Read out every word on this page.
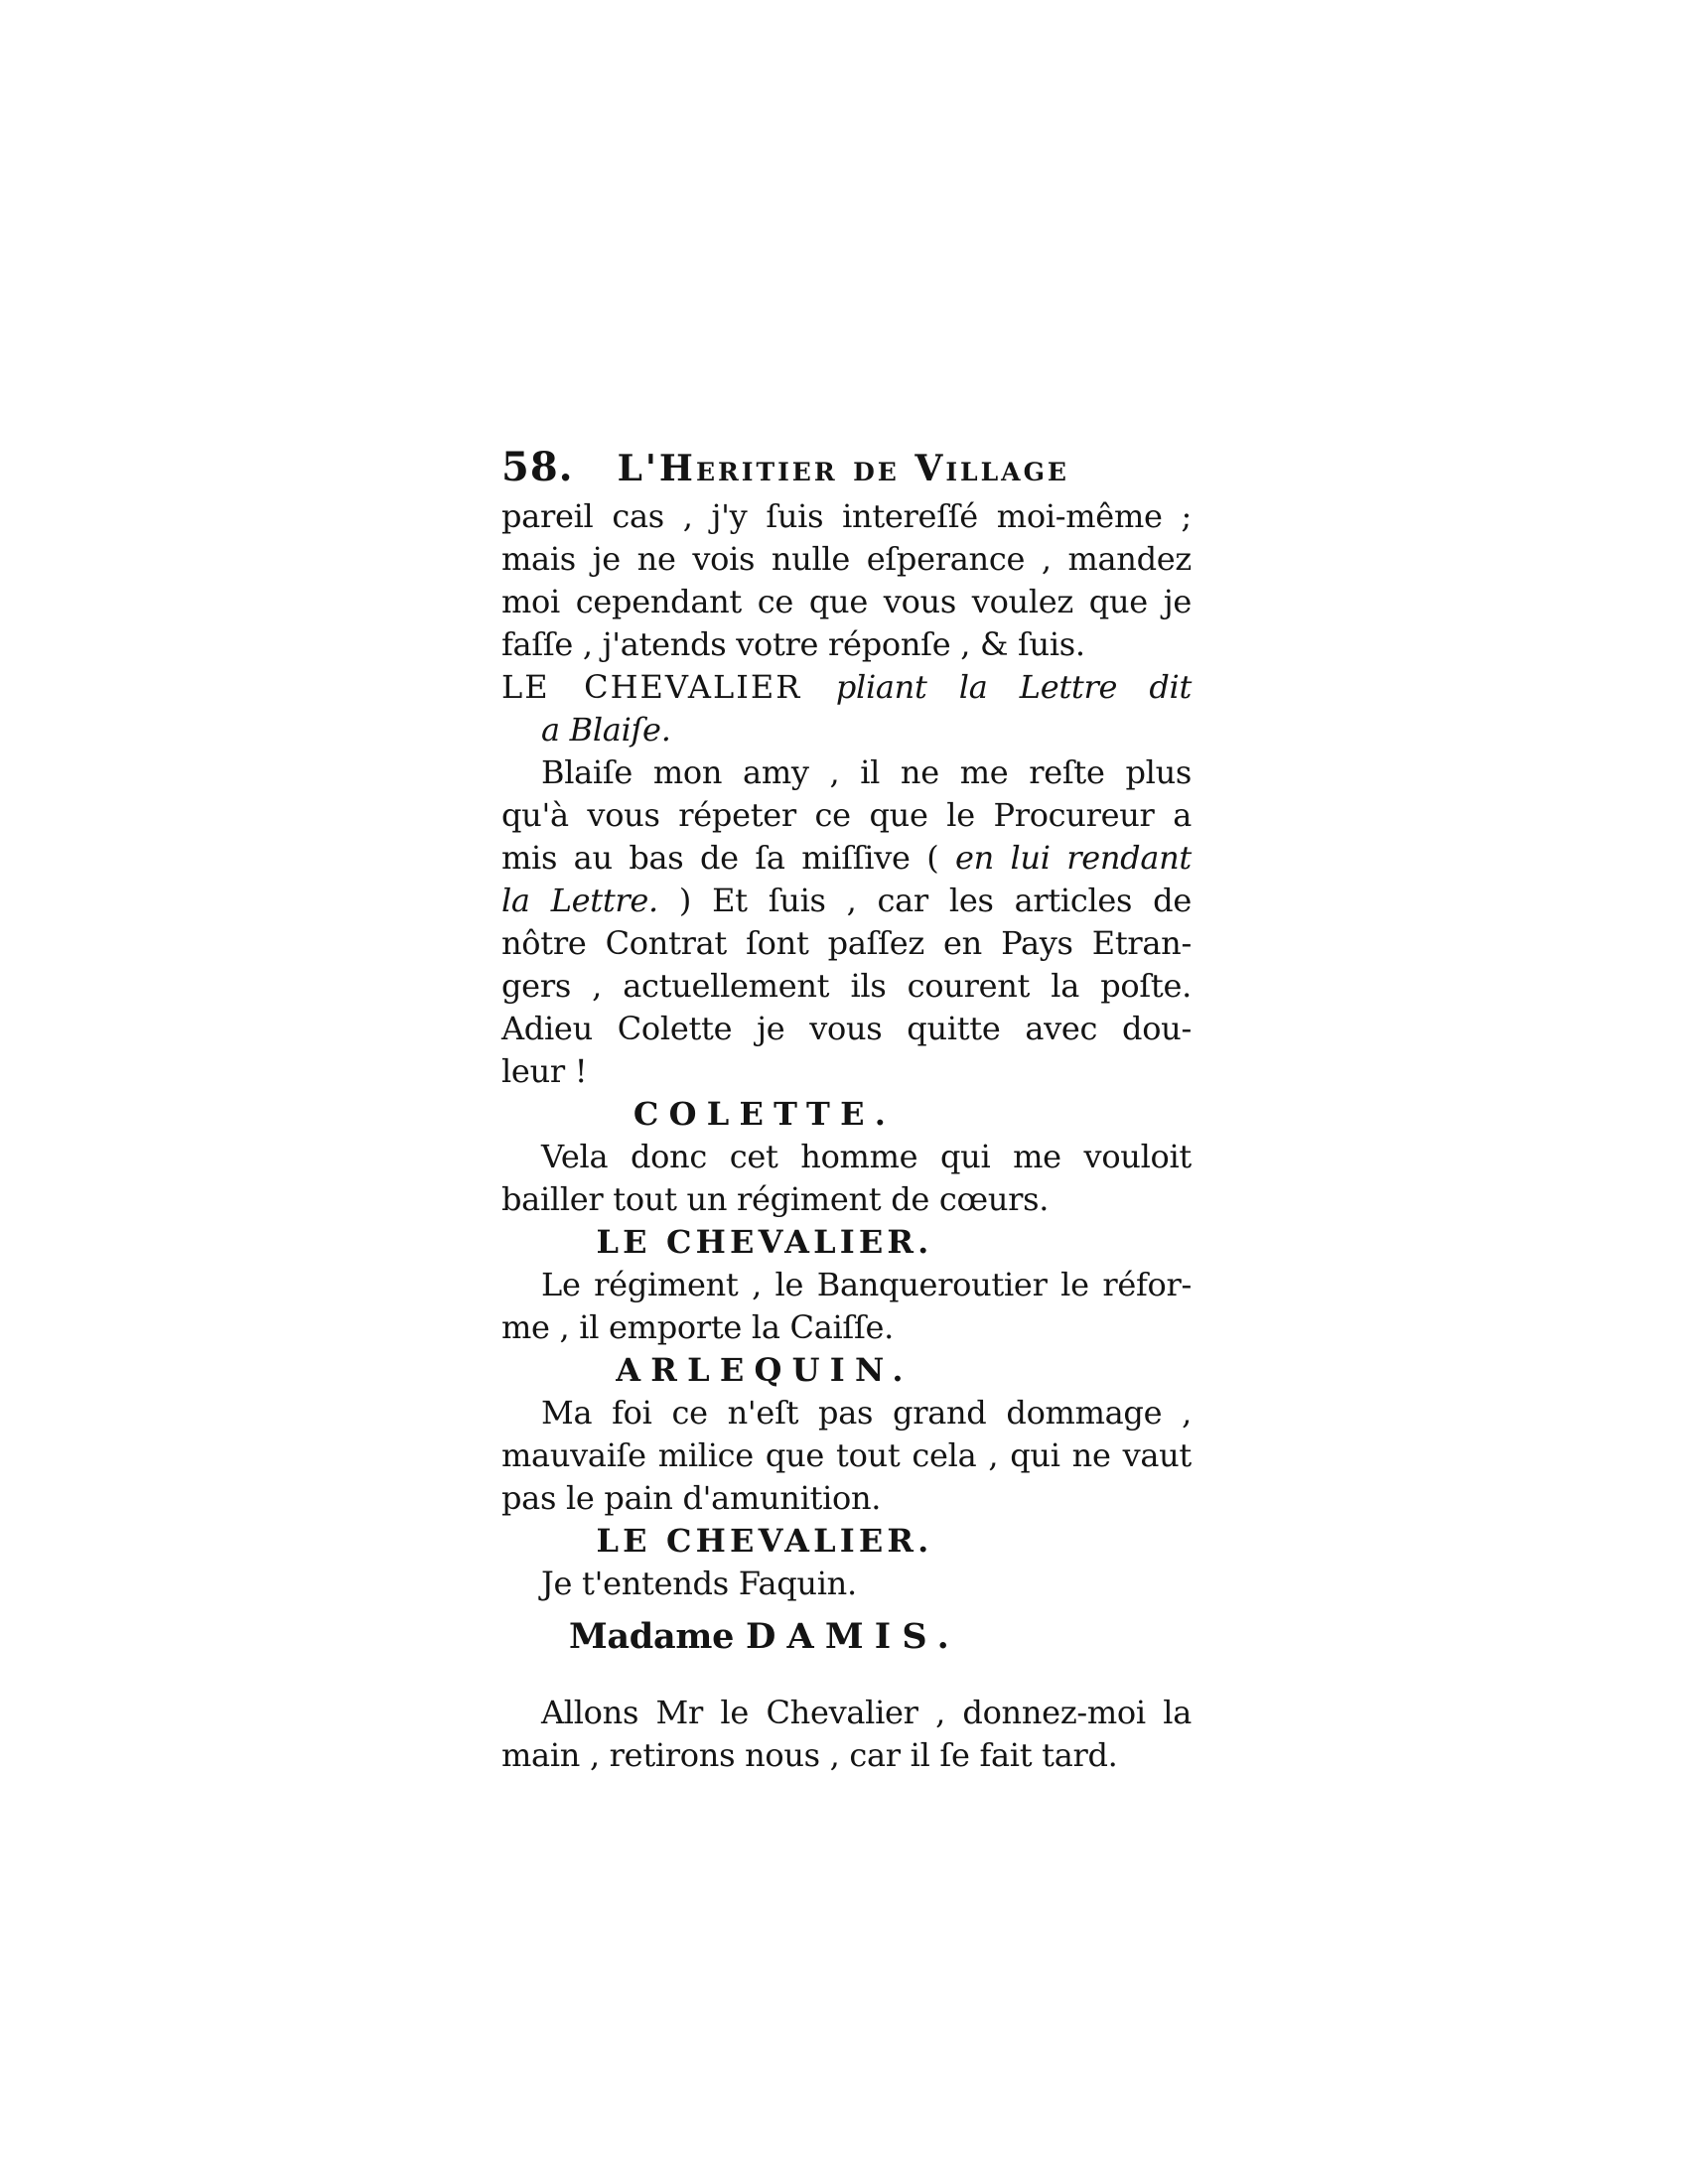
58. L'Heritier de Village
pareil cas , j'y ſuis intereſſé moi-même ;
mais je ne vois nulle eſperance , mandez
moi cependant ce que vous voulez que je
faſſe , j'atends votre réponſe , & ſuis.
LE CHEVALIER pliant la Lettre dit
a Blaiſe.
Blaiſe mon amy , il ne me reſte plus
qu'à vous répeter ce que le Procureur a
mis au bas de ſa miſſive ( en lui rendant
la Lettre. ) Et ſuis , car les articles de
nôtre Contrat ſont paſſez en Pays Etran-
gers , actuellement ils courent la poſte.
Adieu Colette je vous quitte avec dou-
leur !
COLETTE.
Vela donc cet homme qui me vouloit
bailler tout un régiment de cœurs.
LE CHEVALIER.
Le régiment , le Banqueroutier le réfor-
me , il emporte la Caiſſe.
ARLEQUIN.
Ma foi ce n'eſt pas grand dommage ,
mauvaiſe milice que tout cela , qui ne vaut
pas le pain d'amunition.
LE CHEVALIER.
Je t'entends Faquin.
Madame DAMIS.
Allons Mr le Chevalier , donnez-moi la
main , retirons nous , car il ſe fait tard.
